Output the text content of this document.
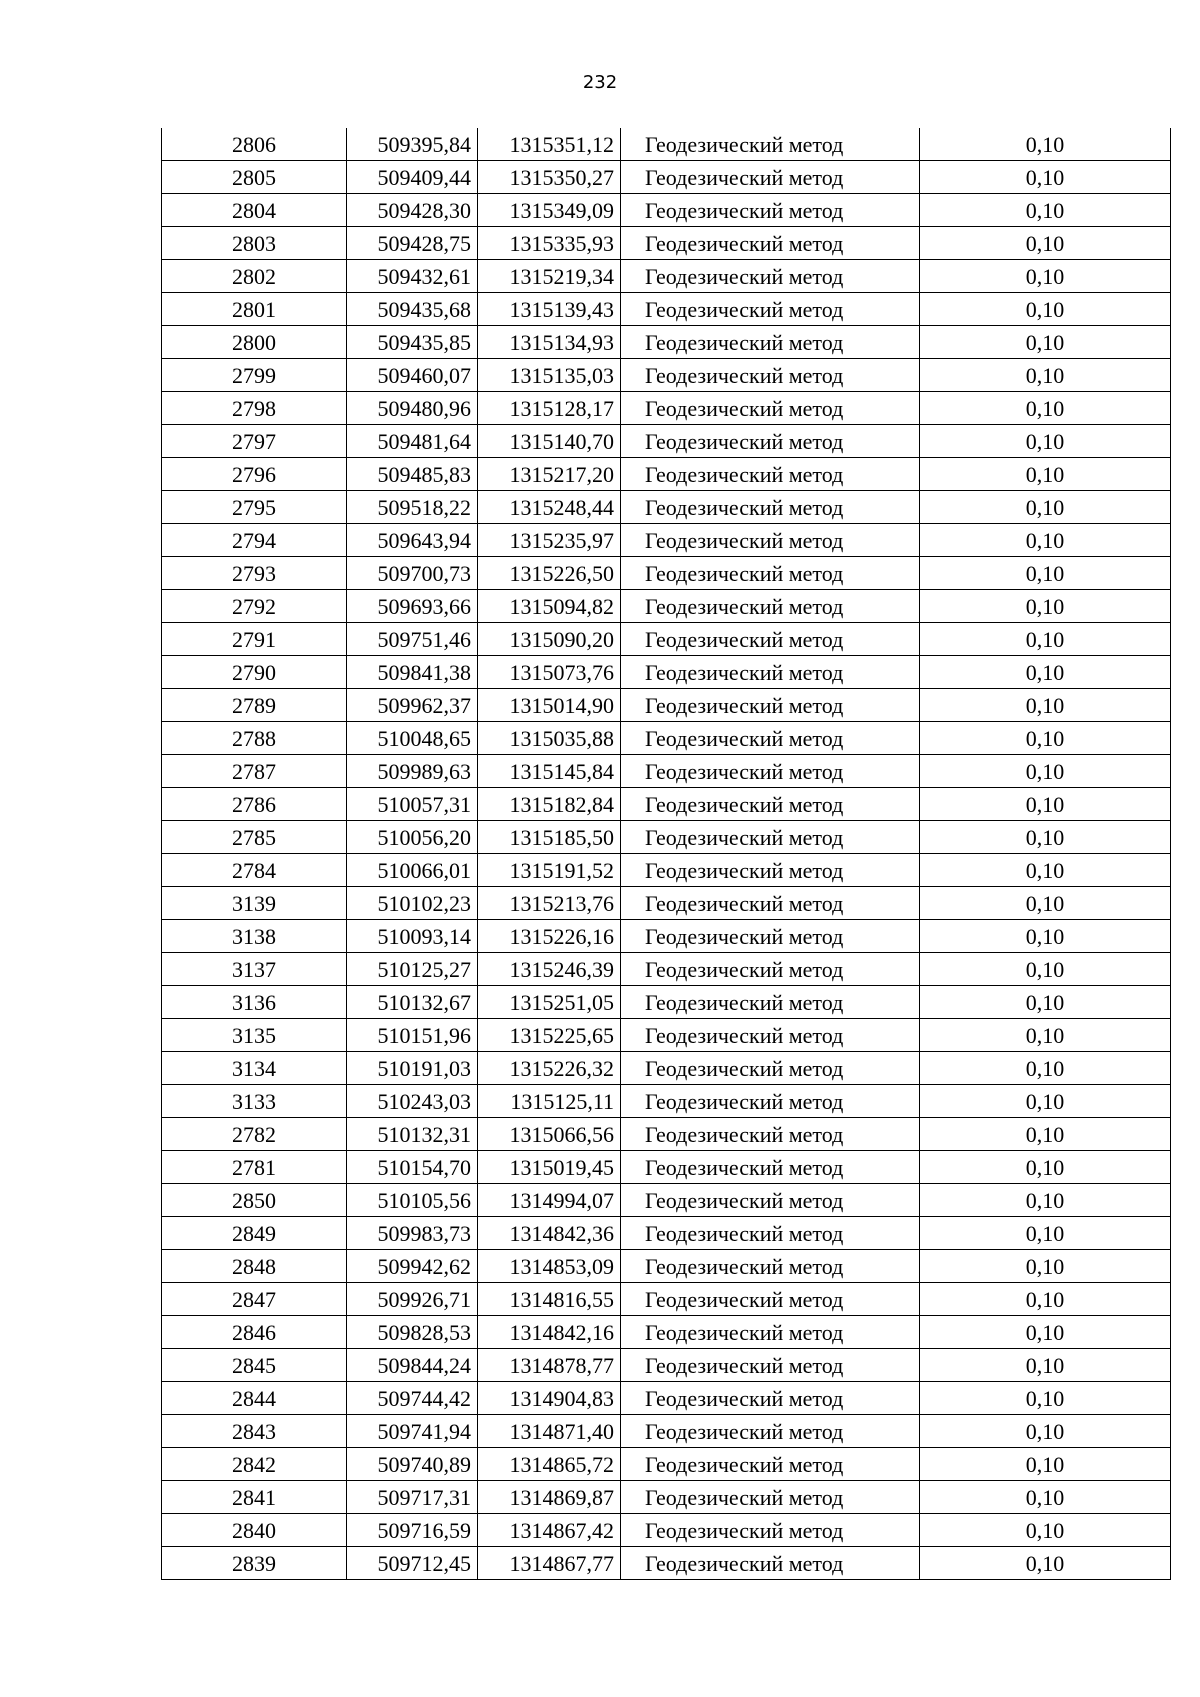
232
2806	509395,84	1315351,12	Геодезический метод	0,10
2805	509409,44	1315350,27	Геодезический метод	0,10
2804	509428,30	1315349,09	Геодезический метод	0,10
2803	509428,75	1315335,93	Геодезический метод	0,10
2802	509432,61	1315219,34	Геодезический метод	0,10
2801	509435,68	1315139,43	Геодезический метод	0,10
2800	509435,85	1315134,93	Геодезический метод	0,10
2799	509460,07	1315135,03	Геодезический метод	0,10
2798	509480,96	1315128,17	Геодезический метод	0,10
2797	509481,64	1315140,70	Геодезический метод	0,10
2796	509485,83	1315217,20	Геодезический метод	0,10
2795	509518,22	1315248,44	Геодезический метод	0,10
2794	509643,94	1315235,97	Геодезический метод	0,10
2793	509700,73	1315226,50	Геодезический метод	0,10
2792	509693,66	1315094,82	Геодезический метод	0,10
2791	509751,46	1315090,20	Геодезический метод	0,10
2790	509841,38	1315073,76	Геодезический метод	0,10
2789	509962,37	1315014,90	Геодезический метод	0,10
2788	510048,65	1315035,88	Геодезический метод	0,10
2787	509989,63	1315145,84	Геодезический метод	0,10
2786	510057,31	1315182,84	Геодезический метод	0,10
2785	510056,20	1315185,50	Геодезический метод	0,10
2784	510066,01	1315191,52	Геодезический метод	0,10
3139	510102,23	1315213,76	Геодезический метод	0,10
3138	510093,14	1315226,16	Геодезический метод	0,10
3137	510125,27	1315246,39	Геодезический метод	0,10
3136	510132,67	1315251,05	Геодезический метод	0,10
3135	510151,96	1315225,65	Геодезический метод	0,10
3134	510191,03	1315226,32	Геодезический метод	0,10
3133	510243,03	1315125,11	Геодезический метод	0,10
2782	510132,31	1315066,56	Геодезический метод	0,10
2781	510154,70	1315019,45	Геодезический метод	0,10
2850	510105,56	1314994,07	Геодезический метод	0,10
2849	509983,73	1314842,36	Геодезический метод	0,10
2848	509942,62	1314853,09	Геодезический метод	0,10
2847	509926,71	1314816,55	Геодезический метод	0,10
2846	509828,53	1314842,16	Геодезический метод	0,10
2845	509844,24	1314878,77	Геодезический метод	0,10
2844	509744,42	1314904,83	Геодезический метод	0,10
2843	509741,94	1314871,40	Геодезический метод	0,10
2842	509740,89	1314865,72	Геодезический метод	0,10
2841	509717,31	1314869,87	Геодезический метод	0,10
2840	509716,59	1314867,42	Геодезический метод	0,10
2839	509712,45	1314867,77	Геодезический метод	0,10
